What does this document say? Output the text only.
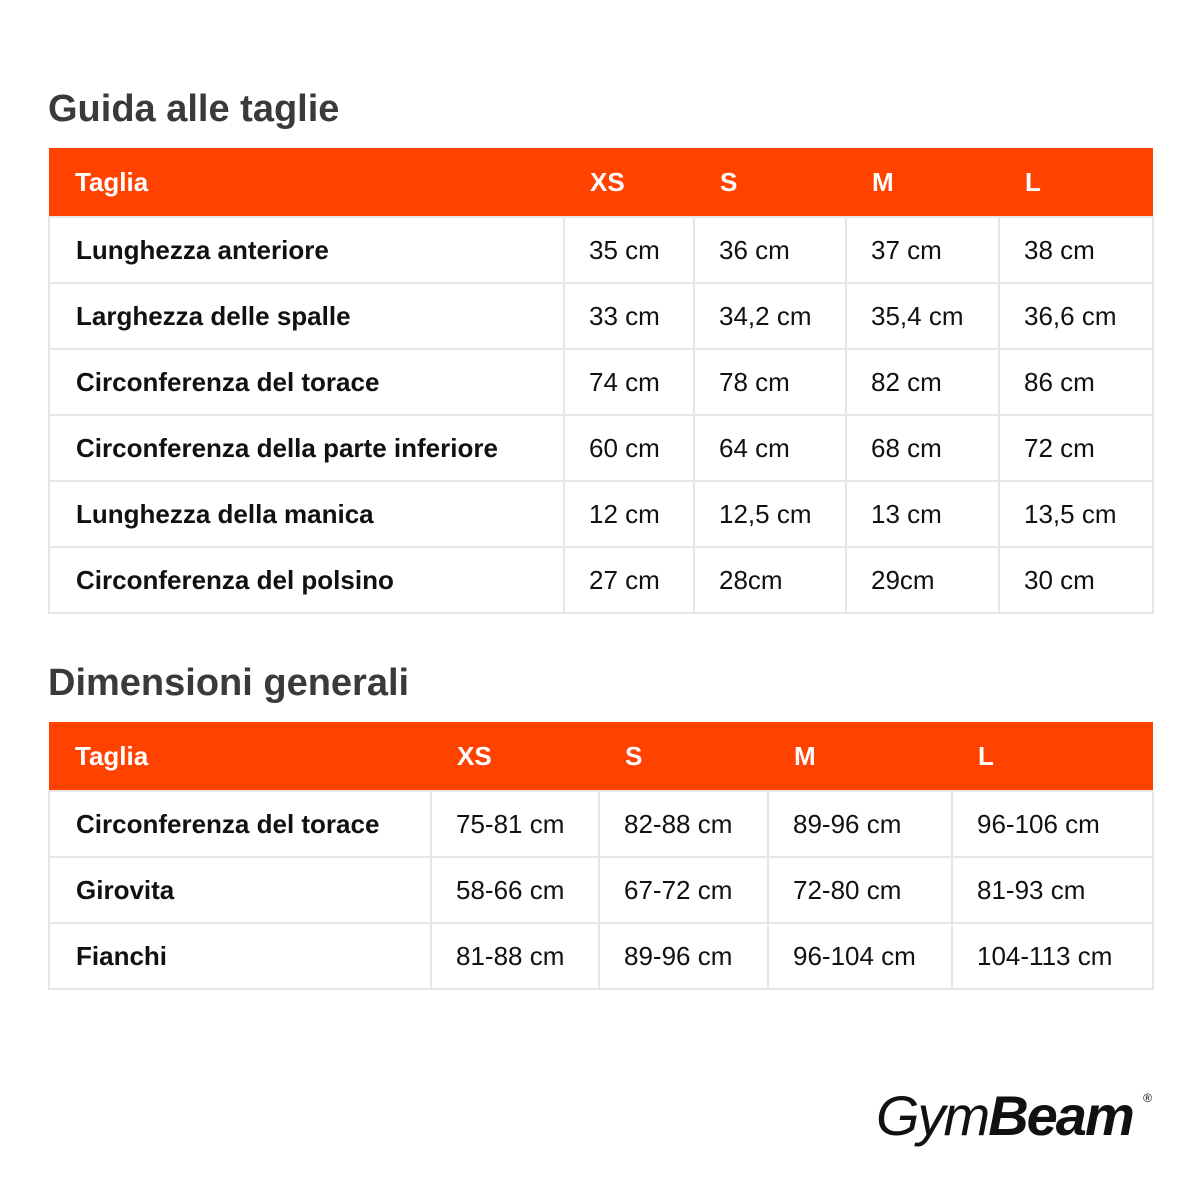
Guida alle taglie
Taglia	XS	S	M	L
Lunghezza anteriore	35 cm	36 cm	37 cm	38 cm
Larghezza delle spalle	33 cm	34,2 cm	35,4 cm	36,6 cm
Circonferenza del torace	74 cm	78 cm	82 cm	86 cm
Circonferenza della parte inferiore	60 cm	64 cm	68 cm	72 cm
Lunghezza della manica	12 cm	12,5 cm	13 cm	13,5 cm
Circonferenza del polsino	27 cm	28cm	29cm	30 cm
Dimensioni generali
Taglia	XS	S	M	L
Circonferenza del torace	75-81 cm	82-88 cm	89-96 cm	96-106 cm
Girovita	58-66 cm	67-72 cm	72-80 cm	81-93 cm
Fianchi	81-88 cm	89-96 cm	96-104 cm	104-113 cm
GymBeam ®
